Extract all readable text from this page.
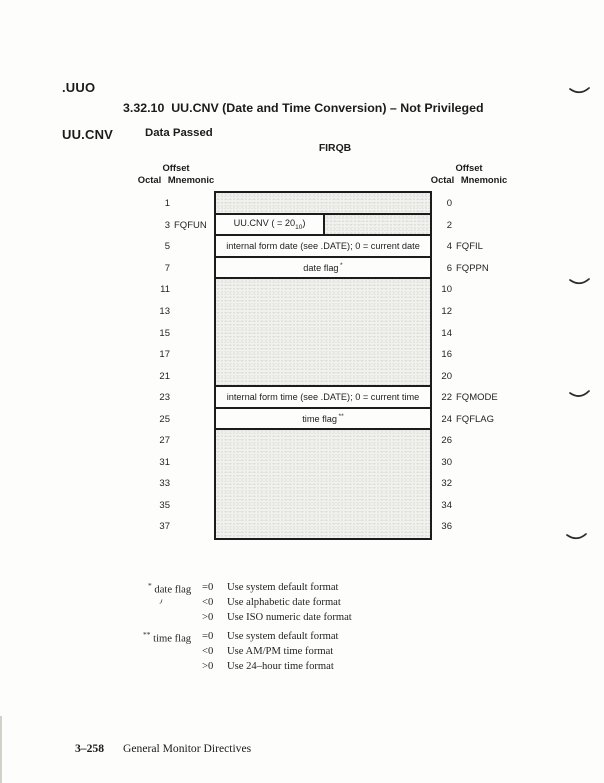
.UUO

UU.CNV

3.32.10  UU.CNV (Date and Time Conversion) – Not Privileged
Data Passed
FIRQB
Offset
Octal Mnemonic
Offset
Octal Mnemonic
UU.CNV ( = $20_{10}$)
internal form date (see .DATE); 0 = current date
date flag *
internal form time (see .DATE); 0 = current time
time flag **
1
3
5
7
11
13
15
17
21
23
25
27
31
33
35
37
0
2
4
6
10
12
14
16
20
22
24
26
30
32
34
36
FQFUN
FQFIL
FQPPN
FQMODE
FQFLAG
* date flag =0 Use system default format
<0 Use alphabetic date format
>0 Use ISO numeric date format
** time flag =0 Use system default format
<0 Use AM/PM time format
>0 Use 24–hour time format
3–258 General Monitor Directives
